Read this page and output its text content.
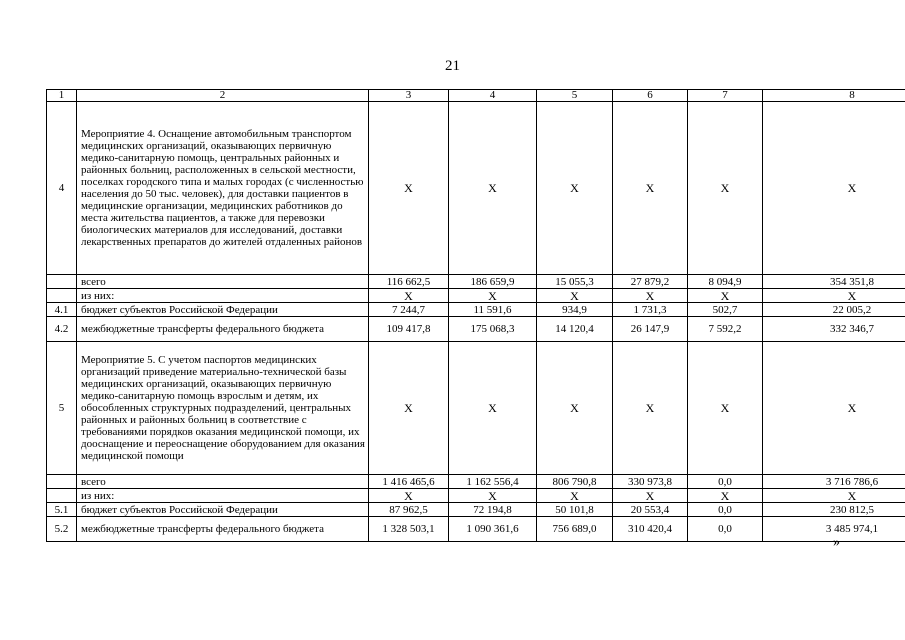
21
1	2	3	4	5	6	7	8
4	Мероприятие 4. Оснащение автомобильным транспортом медицинских организаций, оказывающих первичную медико-санитарную помощь, центральных районных и районных больниц, расположенных в сельской местности, поселках городского типа и малых городах (с численностью населения до 50 тыс. человек), для доставки пациентов в медицинские организации, медицинских работников до места жительства пациентов, а также для перевозки биологических материалов для исследований, доставки лекарственных препаратов до жителей отдаленных районов	X	X	X	X	X	X
	всего	116 662,5	186 659,9	15 055,3	27 879,2	8 094,9	354 351,8
	из них:	X	X	X	X	X	X
4.1	бюджет субъектов Российской Федерации	7 244,7	11 591,6	934,9	1 731,3	502,7	22 005,2
4.2	межбюджетные трансферты федерального бюджета	109 417,8	175 068,3	14 120,4	26 147,9	7 592,2	332 346,7
5	Мероприятие 5. С учетом паспортов медицинских организаций приведение материально-технической базы медицинских организаций, оказывающих первичную медико-санитарную помощь взрослым и детям, их обособленных структурных подразделений, центральных районных и районных больниц в соответствие с требованиями порядков оказания медицинской помощи, их дооснащение и переоснащение оборудованием для оказания медицинской помощи	X	X	X	X	X	X
	всего	1 416 465,6	1 162 556,4	806 790,8	330 973,8	0,0	3 716 786,6
	из них:	X	X	X	X	X	X
5.1	бюджет субъектов Российской Федерации	87 962,5	72 194,8	50 101,8	20 553,4	0,0	230 812,5
5.2	межбюджетные трансферты федерального бюджета	1 328 503,1	1 090 361,6	756 689,0	310 420,4	0,0	3 485 974,1
»
